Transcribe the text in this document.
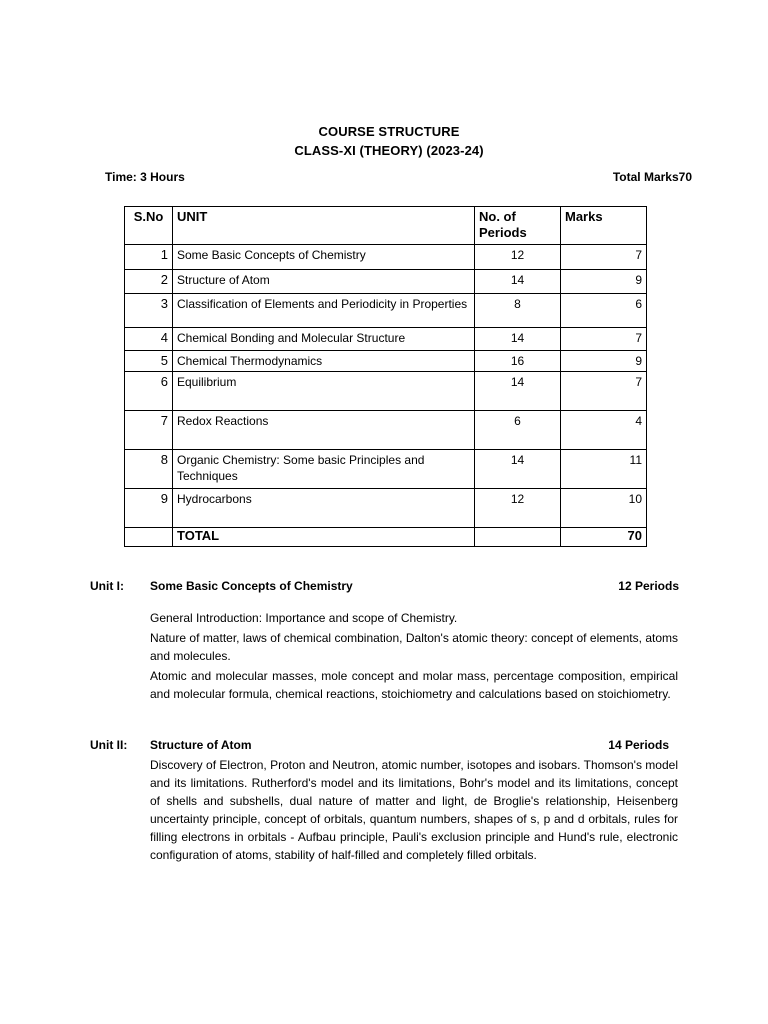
COURSE STRUCTURE
CLASS-XI (THEORY) (2023-24)
Time: 3 Hours	Total Marks70
S.No	UNIT	No. of Periods	Marks
1	Some Basic Concepts of Chemistry	12	7
2	Structure of Atom	14	9
3	Classification of Elements and Periodicity in Properties	8	6
4	Chemical Bonding and Molecular Structure	14	7
5	Chemical Thermodynamics	16	9
6	Equilibrium	14	7
7	Redox Reactions	6	4
8	Organic Chemistry: Some basic Principles and Techniques	14	11
9	Hydrocarbons	12	10
	TOTAL		70
Unit I: Some Basic Concepts of Chemistry	12 Periods

General Introduction: Importance and scope of Chemistry.

Nature of matter, laws of chemical combination, Dalton's atomic theory: concept of elements, atoms and molecules.

Atomic and molecular masses, mole concept and molar mass, percentage composition, empirical and molecular formula, chemical reactions, stoichiometry and calculations based on stoichiometry.

Unit II: Structure of Atom	14 Periods

Discovery of Electron, Proton and Neutron, atomic number, isotopes and isobars. Thomson's model and its limitations. Rutherford's model and its limitations, Bohr's model and its limitations, concept of shells and subshells, dual nature of matter and light, de Broglie's relationship, Heisenberg uncertainty principle, concept of orbitals, quantum numbers, shapes of s, p and d orbitals, rules for filling electrons in orbitals - Aufbau principle, Pauli's exclusion principle and Hund's rule, electronic configuration of atoms, stability of half-filled and completely filled orbitals.
